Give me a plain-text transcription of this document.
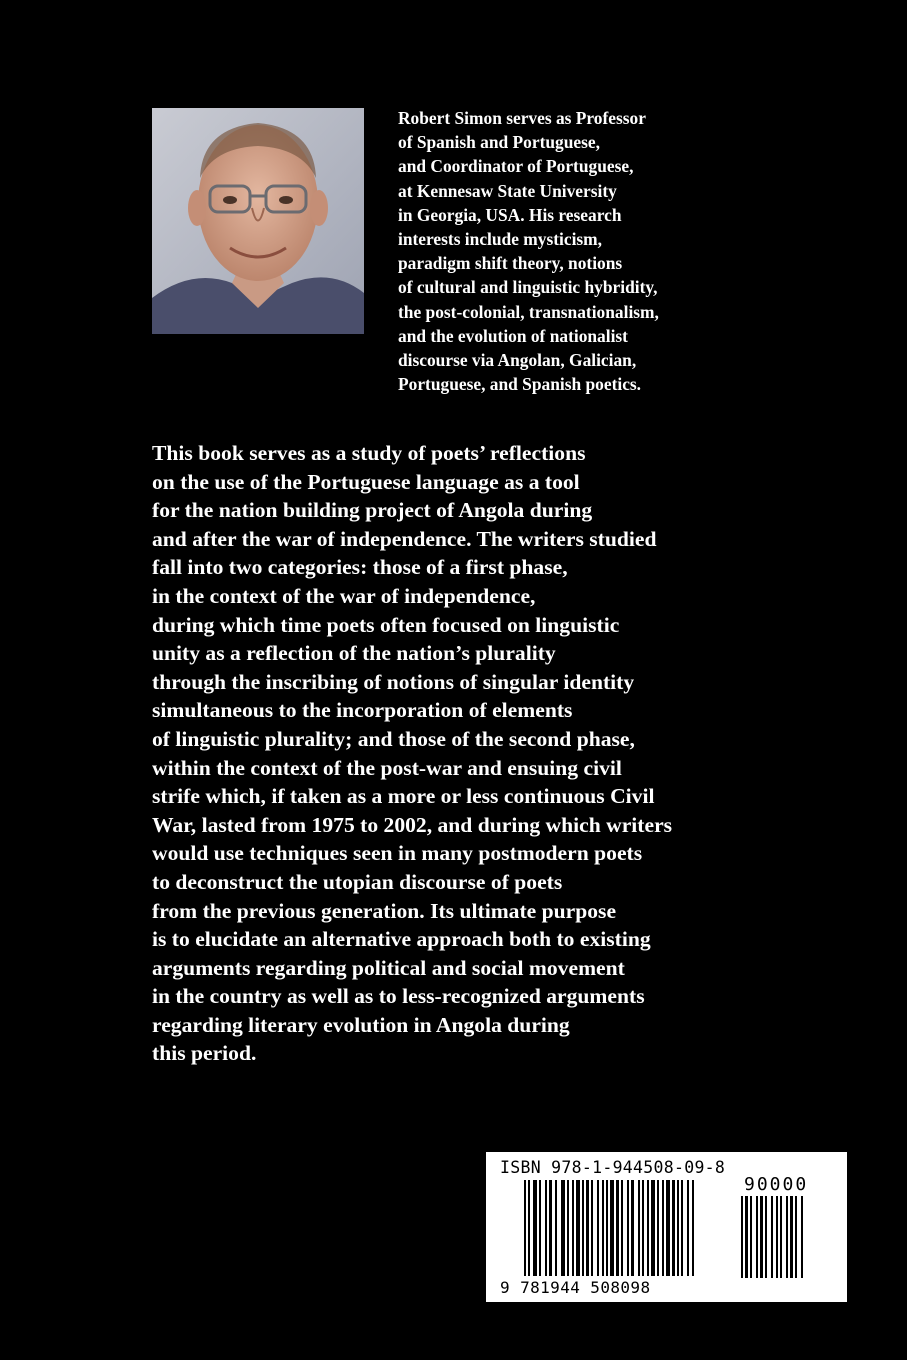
Robert Simon serves as Professor
of Spanish and Portuguese,
and Coordinator of Portuguese,
at Kennesaw State University
in Georgia, USA. His research
interests include mysticism,
paradigm shift theory, notions
of cultural and linguistic hybridity,
the post-colonial, transnationalism,
and the evolution of nationalist
discourse via Angolan, Galician,
Portuguese, and Spanish poetics.
This book serves as a study of poets’ reflections
on the use of the Portuguese language as a tool
for the nation building project of Angola during
and after the war of independence. The writers studied
fall into two categories: those of a first phase,
in the context of the war of independence,
during which time poets often focused on linguistic
unity as a reflection of the nation’s plurality
through the inscribing of notions of singular identity
simultaneous to the incorporation of elements
of linguistic plurality; and those of the second phase,
within the context of the post-war and ensuing civil
strife which, if taken as a more or less continuous Civil
War, lasted from 1975 to 2002, and during which writers
would use techniques seen in many postmodern poets
to deconstruct the utopian discourse of poets
from the previous generation. Its ultimate purpose
is to elucidate an alternative approach both to existing
arguments regarding political and social movement
in the country as well as to less-recognized arguments
regarding literary evolution in Angola during
this period.
ISBN 978-1-944508-09-8
90000
9 781944 508098
